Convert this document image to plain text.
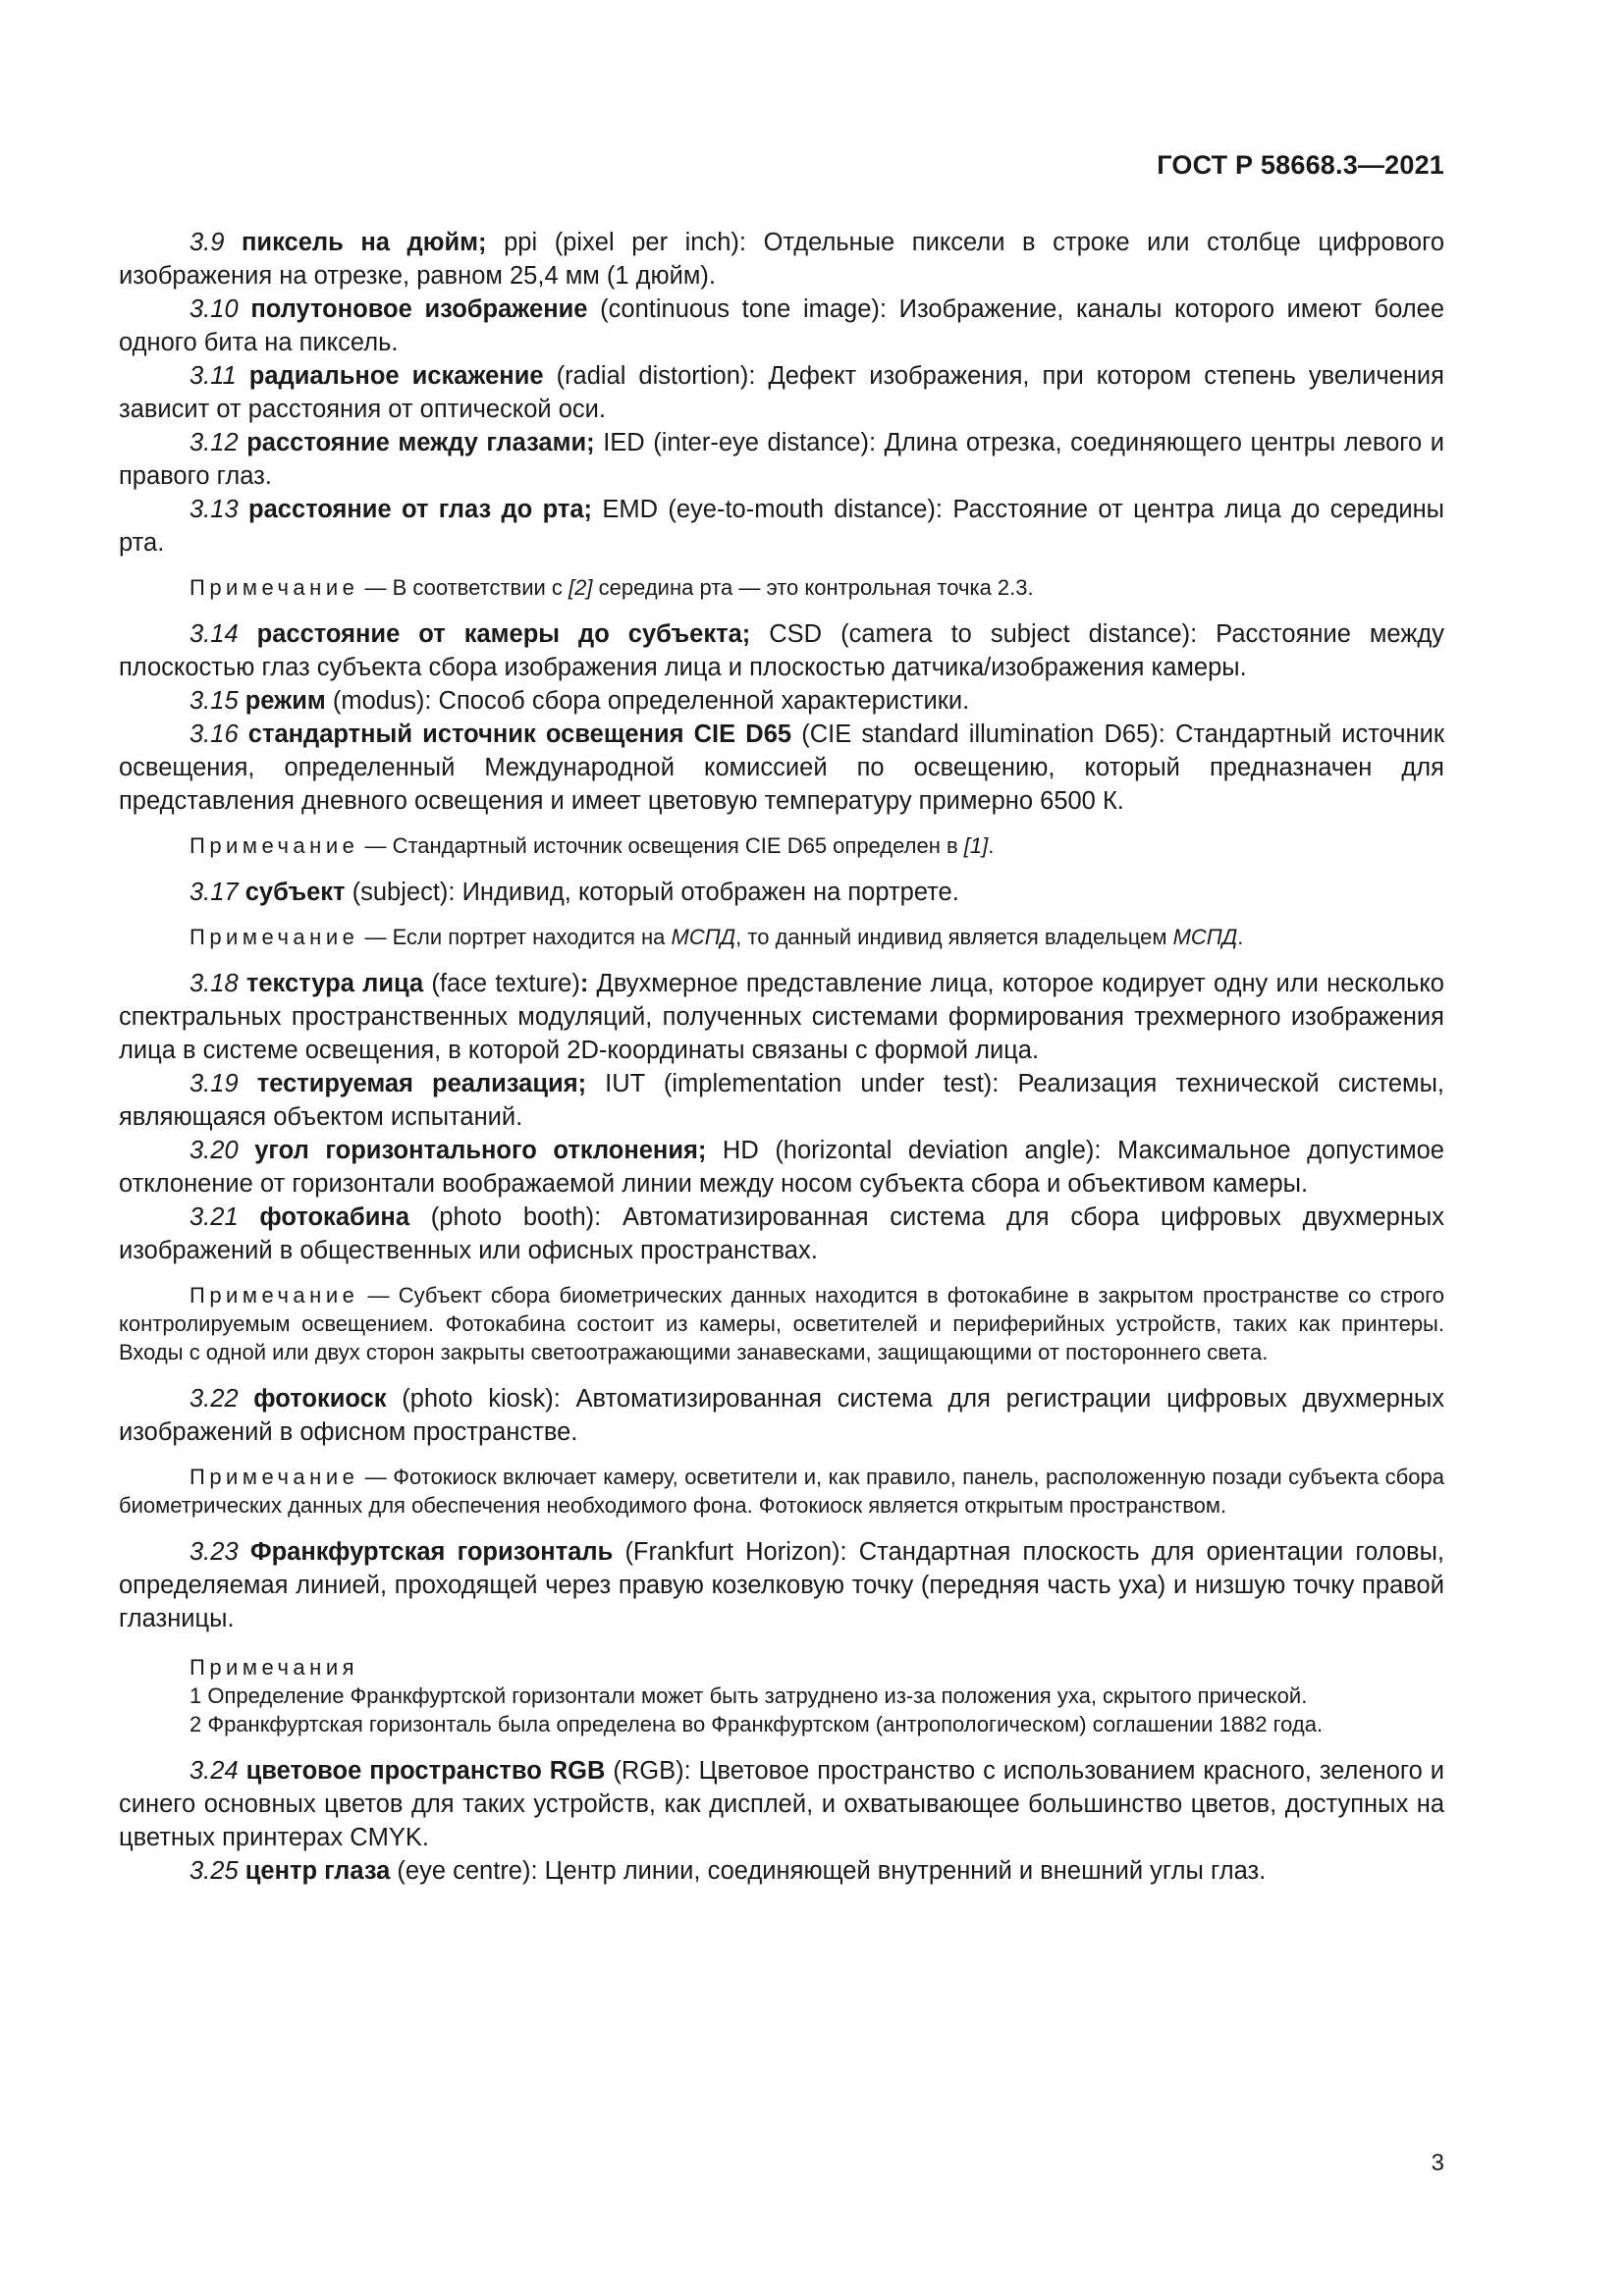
ГОСТ Р 58668.3—2021

3.9 пиксель на дюйм; ppi (pixel per inch): Отдельные пиксели в строке или столбце цифрового изображения на отрезке, равном 25,4 мм (1 дюйм).

3.10 полутоновое изображение (continuous tone image): Изображение, каналы которого имеют более одного бита на пиксель.

3.11 радиальное искажение (radial distortion): Дефект изображения, при котором степень увеличения зависит от расстояния от оптической оси.

3.12 расстояние между глазами; IED (inter-eye distance): Длина отрезка, соединяющего центры левого и правого глаз.

3.13 расстояние от глаз до рта; EMD (eye-to-mouth distance): Расстояние от центра лица до середины рта.

Примечание — В соответствии с [2] середина рта — это контрольная точка 2.3.

3.14 расстояние от камеры до субъекта; CSD (camera to subject distance): Расстояние между плоскостью глаз субъекта сбора изображения лица и плоскостью датчика/изображения камеры.

3.15 режим (modus): Способ сбора определенной характеристики.

3.16 стандартный источник освещения CIE D65 (CIE standard illumination D65): Стандартный источник освещения, определенный Международной комиссией по освещению, который предназначен для представления дневного освещения и имеет цветовую температуру примерно 6500 К.

Примечание — Стандартный источник освещения CIE D65 определен в [1].

3.17 субъект (subject): Индивид, который отображен на портрете.

Примечание — Если портрет находится на МСПД, то данный индивид является владельцем МСПД.

3.18 текстура лица (face texture): Двухмерное представление лица, которое кодирует одну или несколько спектральных пространственных модуляций, полученных системами формирования трехмерного изображения лица в системе освещения, в которой 2D-координаты связаны с формой лица.

3.19 тестируемая реализация; IUT (implementation under test): Реализация технической системы, являющаяся объектом испытаний.

3.20 угол горизонтального отклонения; HD (horizontal deviation angle): Максимальное допустимое отклонение от горизонтали воображаемой линии между носом субъекта сбора и объективом камеры.

3.21 фотокабина (photo booth): Автоматизированная система для сбора цифровых двухмерных изображений в общественных или офисных пространствах.

Примечание — Субъект сбора биометрических данных находится в фотокабине в закрытом пространстве со строго контролируемым освещением. Фотокабина состоит из камеры, осветителей и периферийных устройств, таких как принтеры. Входы с одной или двух сторон закрыты светоотражающими занавесками, защищающими от постороннего света.

3.22 фотокиоск (photo kiosk): Автоматизированная система для регистрации цифровых двухмерных изображений в офисном пространстве.

Примечание — Фотокиоск включает камеру, осветители и, как правило, панель, расположенную позади субъекта сбора биометрических данных для обеспечения необходимого фона. Фотокиоск является открытым пространством.

3.23 Франкфуртская горизонталь (Frankfurt Horizon): Стандартная плоскость для ориентации головы, определяемая линией, проходящей через правую козелковую точку (передняя часть уха) и низшую точку правой глазницы.

Примечания
1 Определение Франкфуртской горизонтали может быть затруднено из-за положения уха, скрытого прической.
2 Франкфуртская горизонталь была определена во Франкфуртском (антропологическом) соглашении 1882 года.

3.24 цветовое пространство RGB (RGB): Цветовое пространство с использованием красного, зеленого и синего основных цветов для таких устройств, как дисплей, и охватывающее большинство цветов, доступных на цветных принтерах CMYK.

3.25 центр глаза (eye centre): Центр линии, соединяющей внутренний и внешний углы глаз.

3
